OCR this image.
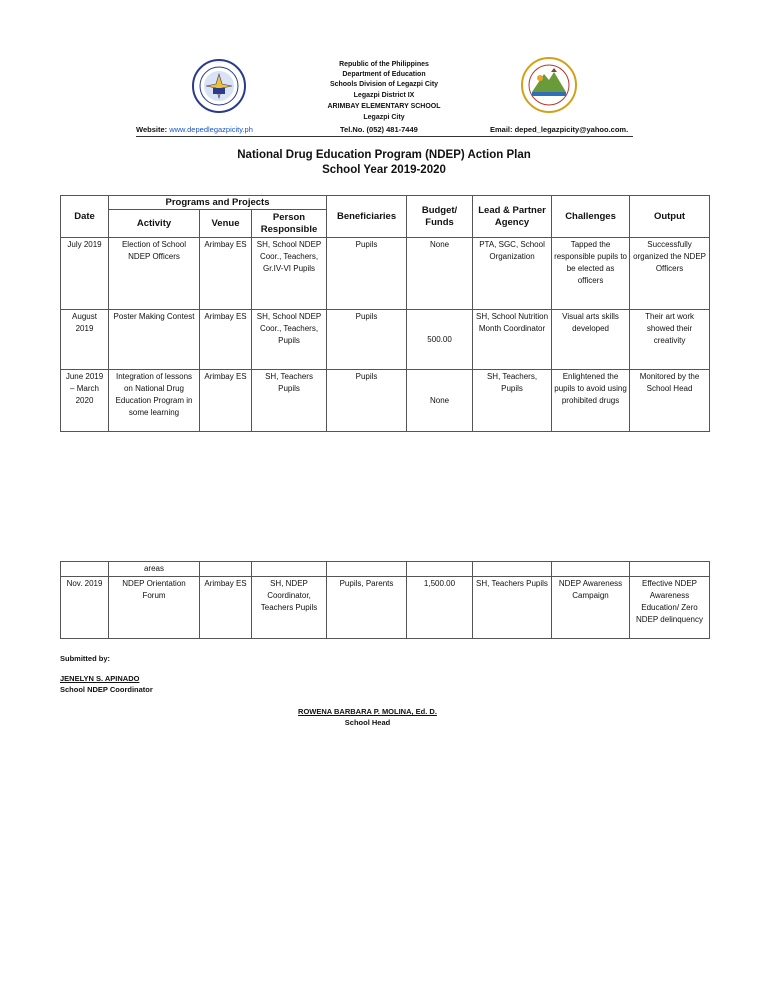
· · ·	Republic of the Philippines
Department of Education
Schools Division of Legazpi City
Legazpi District IX
ARIMBAY ELEMENTARY SCHOOL
Legazpi City
Website: www.depedlegazpicity.ph	Tel.No. (052) 481-7449	Email: deped_legazpicity@yahoo.com.
National Drug Education Program (NDEP) Action Plan
School Year 2019-2020
Date	Programs and Projects			Beneficiaries	Budget/ Funds	Lead & Partner Agency	Challenges	Output
	Activity	Venue	Person Responsible					
July 2019	Election of School NDEP Officers	Arimbay ES	SH, School NDEP Coor., Teachers, Gr.IV-VI Pupils	Pupils	None	PTA, SGC, School Organization	Tapped the responsible pupils to be elected as officers	Successfully organized the NDEP Officers
August 2019	Poster Making Contest	Arimbay ES	SH, School NDEP Coor., Teachers, Pupils	Pupils	500.00	SH, School Nutrition Month Coordinator	Visual arts skills developed	Their art work showed their creativity
June 2019 – March 2020	Integration of lessons on National Drug Education Program in some learning	Arimbay ES	SH, Teachers Pupils	Pupils	None	SH, Teachers, Pupils	Enlightened the pupils to avoid using prohibited drugs	Monitored by the School Head
	areas							
Nov. 2019	NDEP Orientation Forum	Arimbay ES	SH, NDEP Coordinator, Teachers Pupils	Pupils, Parents	1,500.00	SH, Teachers Pupils	NDEP Awareness Campaign	Effective NDEP Awareness Education/ Zero NDEP delinquency
Submitted by:
JENELYN S. APINADO
School NDEP Coordinator
ROWENA BARBARA P. MOLINA, Ed. D.
School Head
